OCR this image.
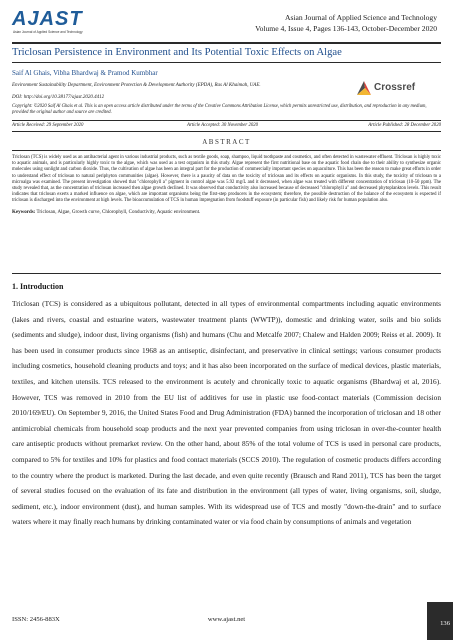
AJAST
Asian Journal of Applied Science and Technology
Asian Journal of Applied Science and Technology
Volume 4, Issue 4, Pages 136-143, October-December 2020
Triclosan Persistence in Environment and Its Potential Toxic Effects on Algae
Saif Al Ghais, Vibha Bhardwaj & Pramod Kumbhar
Environment Sustainability Department, Environment Protection & Development Authority (EPDA), Ras Al Khaimah, UAE.
DOI: http://doi.org/10.38177/ajast.2020.4412
Crossref
Copyright: ©2020 Saif Al Ghais et al. This is an open access article distributed under the terms of the Creative Commons Attribution License, which permits unrestricted use, distribution, and reproduction in any medium, provided the original author and source are credited.
Article Received: 29 September 2020	Article Accepted: 30 November 2020	Article Published: 28 December 2020
ABSTRACT
Triclosan (TCS) is widely used as an antibacterial agent in various industrial products, such as textile goods, soap, shampoo, liquid toothpaste and cosmetics, and often detected in wastewater effluent. Triclosan is highly toxic to aquatic animals, and is particularly highly toxic to the algae, which was used as a test organism in this study. Algae represent the first nutritional base on the aquatic food chain due to their ability to synthesize organic molecules using sunlight and carbon dioxide. Thus, the cultivation of algae has been an integral part for the production of commercially important species on aquaculture. This has been the reason to make great efforts in order to understand effect of triclosan to natural periphyton communities (algae). However, there is a paucity of data on the toxicity of triclosan and its effects on aquatic organisms. In this study, the toxicity of triclosan to a microalga was examined. The present investigation showed that "chlorophyll a" pigment in control algae was 5.92 mg/L and it decreased, when algae was treated with different concentration of triclosan (10-50 ppm). The study revealed that, as the concentration of triclosan increased then algae growth declined. It was observed that conductivity also increased because of decreased "chlorophyll a" and decreased phytoplankton levels. This result indicates that triclosan exerts a marked influence on algae, which are important organisms being the first-step producers in the ecosystem; therefore, the possible destruction of the balance of the ecosystem is expected if triclosan is discharged into the environment at high levels. The bioaccumulation of TCS in human impregnation from foodstuff exposure (in particular fish) and likely risk for human population also.
Keywords: Triclosan, Algae, Growth curve, Chlorophyll, Conductivity, Aquatic environment.
1. Introduction
Triclosan (TCS) is considered as a ubiquitous pollutant, detected in all types of environmental compartments including aquatic environments (lakes and rivers, coastal and estuarine waters, wastewater treatment plants (WWTP)), domestic and drinking water, soils and bio solids (sediments and sludge), indoor dust, living organisms (fish) and humans (Chu and Metcalfe 2007; Chalew and Halden 2009; Reiss et al. 2009). It has been used in consumer products since 1968 as an antiseptic, disinfectant, and preservative in clinical settings; various consumer products including cosmetics, household cleaning products and toys; and it has also been incorporated on the surface of medical devices, plastic materials, textiles, and kitchen utensils. TCS released to the environment is acutely and chronically toxic to aquatic organisms (Bhardwaj et al, 2016). However, TCS was removed in 2010 from the EU list of additives for use in plastic use food-contact materials (Commission decision 2010/169/EU). On September 9, 2016, the United States Food and Drug Administration (FDA) banned the incorporation of triclosan and 18 other antimicrobial chemicals from household soap products and the next year prevented companies from using triclosan in over-the-counter health care antiseptic products without premarket review. On the other hand, about 85% of the total volume of TCS is used in personal care products, compared to 5% for textiles and 10% for plastics and food contact materials (SCCS 2010). The regulation of cosmetic products differs according to the country where the product is marketed. During the last decade, and even quite recently (Brausch and Rand 2011), TCS has been the target of several studies focused on the evaluation of its fate and distribution in the environment (all types of water, living organisms, soil, sludge, sediment, etc.), indoor environment (dust), and human samples. With its widespread use of TCS and mostly "down-the-drain" and to surface waters where it may finally reach humans by drinking contaminated water or via food chain by consumptions of animals and vegetation
ISSN: 2456-883X	www.ajast.net
136
